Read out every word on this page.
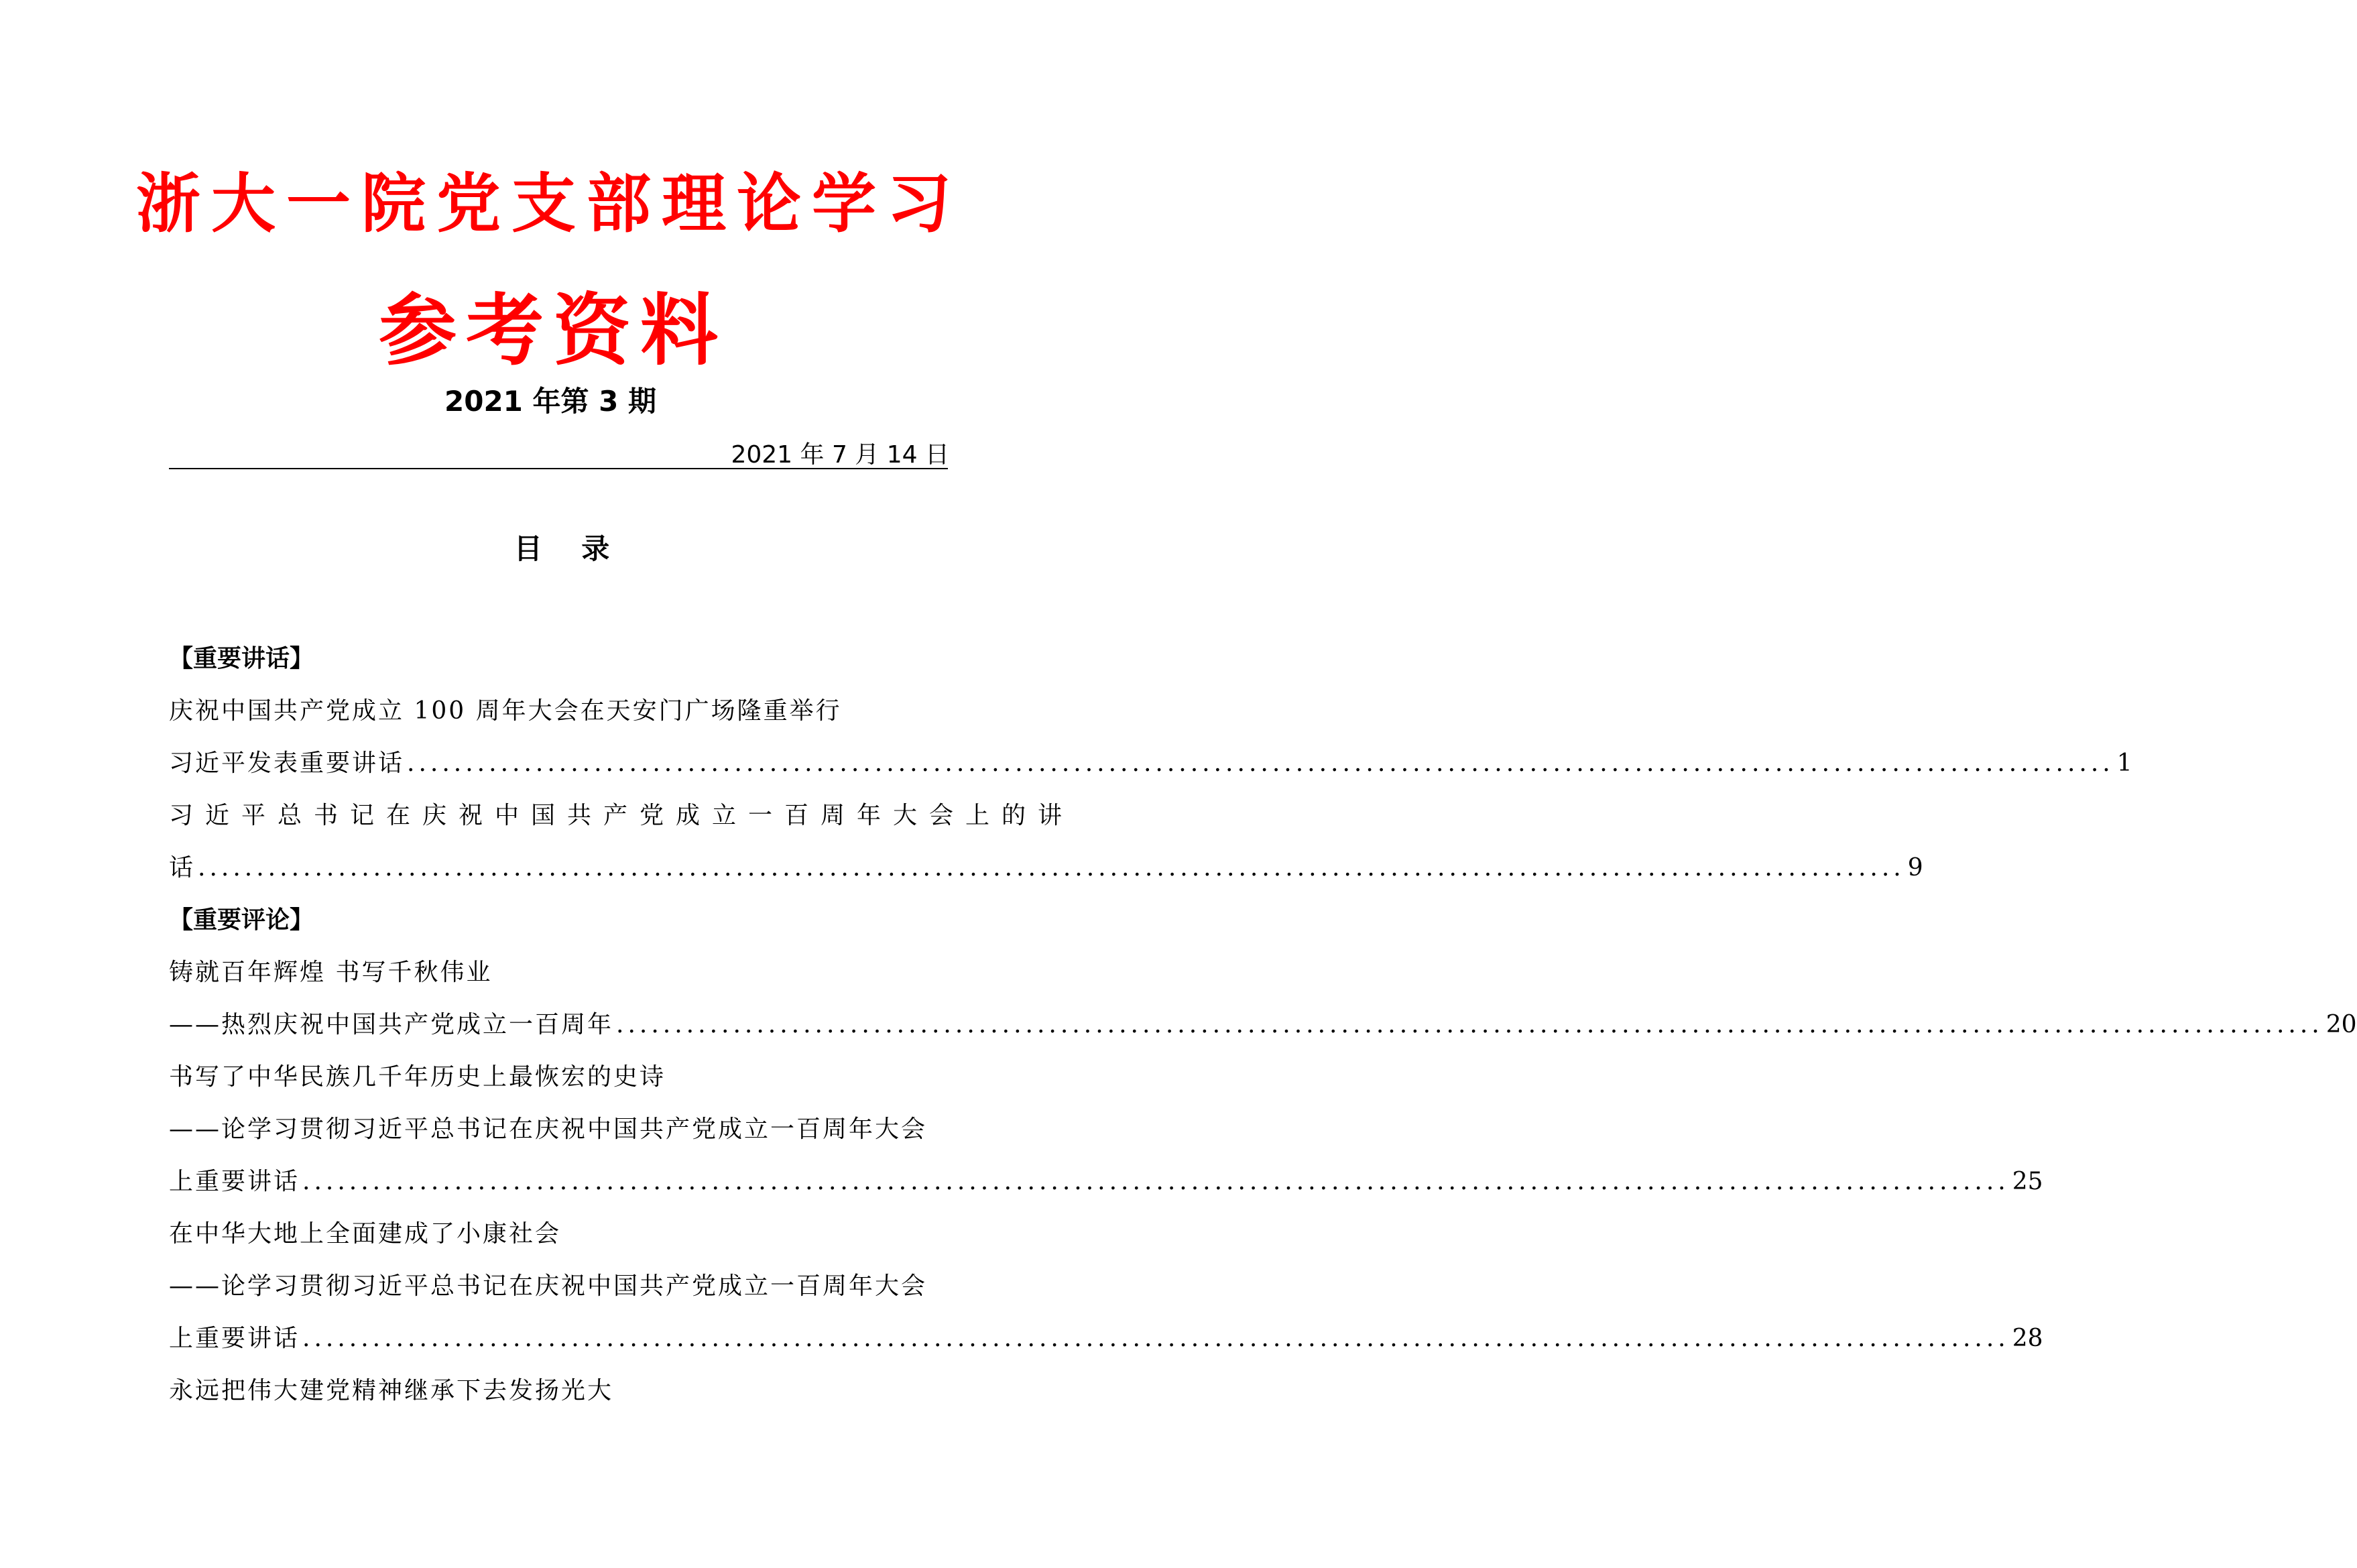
浙大一院党支部理论学习
参考资料
2021 年第 3 期
2021 年 7 月 14 日
目 录
【重要讲话】
庆祝中国共产党成立 100 周年大会在天安门广场隆重举行
习近平发表重要讲话 .....	1
习近平总书记在庆祝中国共产党成立一百周年大会上的讲
话 .....	9
【重要评论】
铸就百年辉煌 书写千秋伟业
——热烈庆祝中国共产党成立一百周年 .....	20
书写了中华民族几千年历史上最恢宏的史诗
——论学习贯彻习近平总书记在庆祝中国共产党成立一百周年大会
上重要讲话 .....	25
在中华大地上全面建成了小康社会
——论学习贯彻习近平总书记在庆祝中国共产党成立一百周年大会
上重要讲话 .....	28
永远把伟大建党精神继承下去发扬光大
